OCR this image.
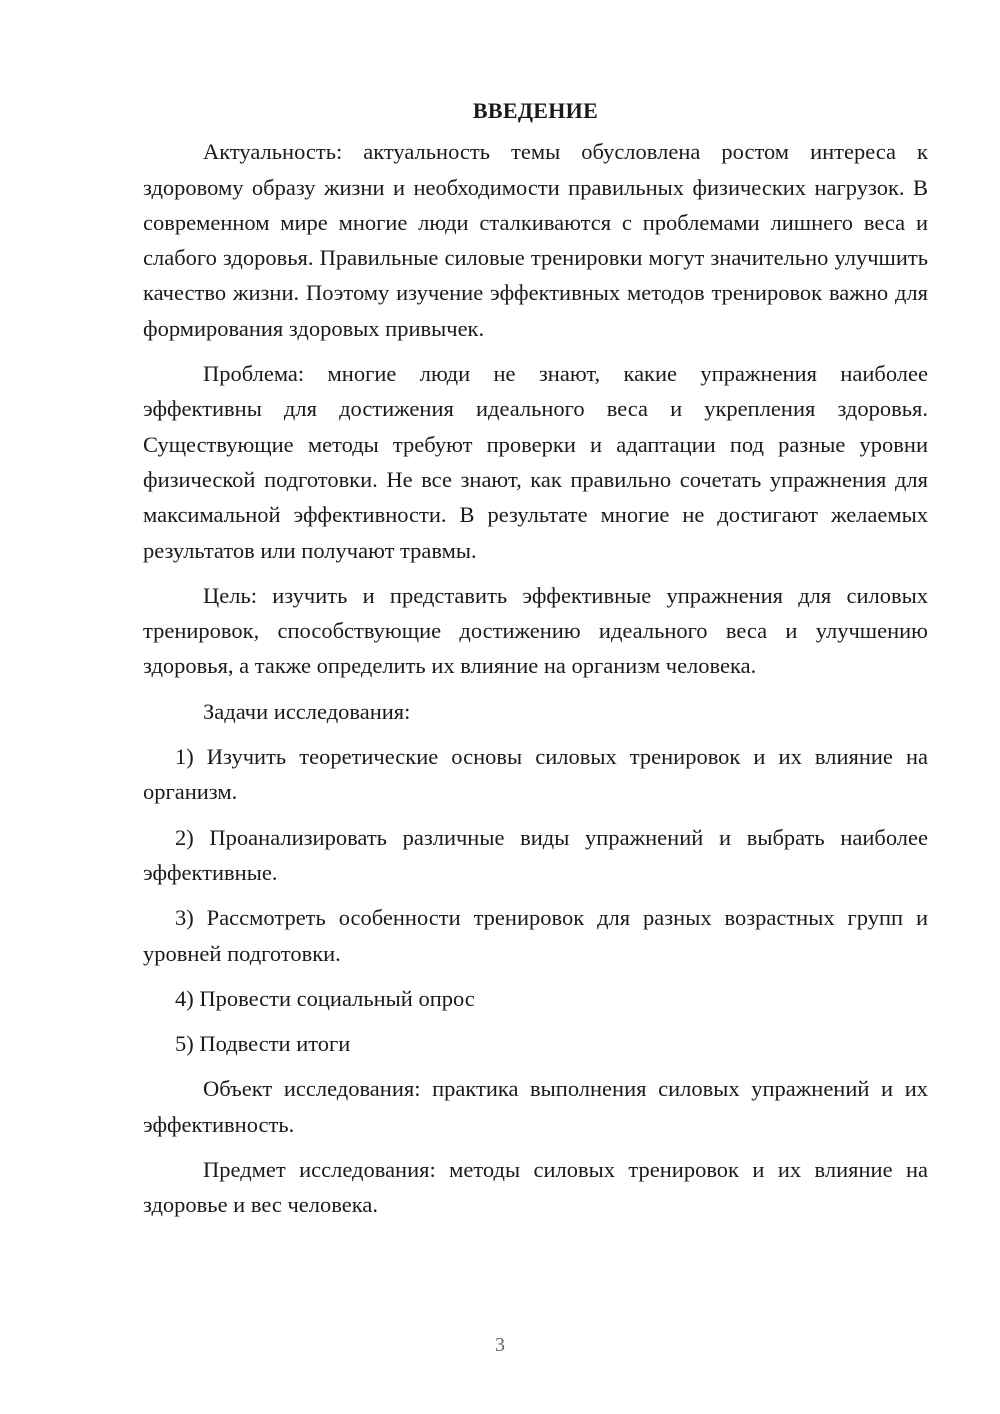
ВВЕДЕНИЕ

Актуальность: актуальность темы обусловлена ростом интереса к здоровому образу жизни и необходимости правильных физических нагрузок. В современном мире многие люди сталкиваются с проблемами лишнего веса и слабого здоровья. Правильные силовые тренировки могут значительно улучшить качество жизни. Поэтому изучение эффективных методов тренировок важно для формирования здоровых привычек.

Проблема: многие люди не знают, какие упражнения наиболее эффективны для достижения идеального веса и укрепления здоровья. Существующие методы требуют проверки и адаптации под разные уровни физической подготовки. Не все знают, как правильно сочетать упражнения для максимальной эффективности. В результате многие не достигают желаемых результатов или получают травмы.

Цель: изучить и представить эффективные упражнения для силовых тренировок, способствующие достижению идеального веса и улучшению здоровья, а также определить их влияние на организм человека.

Задачи исследования:

1) Изучить теоретические основы силовых тренировок и их влияние на организм.

2) Проанализировать различные виды упражнений и выбрать наиболее эффективные.

3) Рассмотреть особенности тренировок для разных возрастных групп и уровней подготовки.

4) Провести социальный опрос

5) Подвести итоги

Объект исследования: практика выполнения силовых упражнений и их эффективность.

Предмет исследования: методы силовых тренировок и их влияние на здоровье и вес человека.

3
